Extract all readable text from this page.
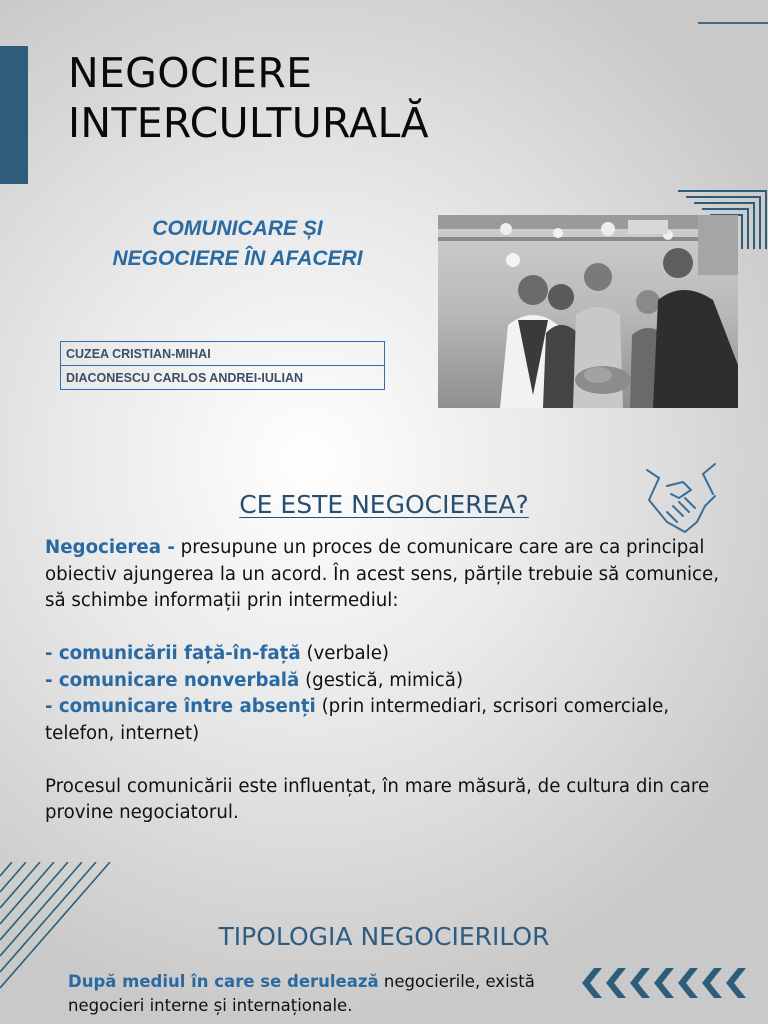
NEGOCIERE
INTERCULTURALĂ
COMUNICARE ȘI
NEGOCIERE ÎN AFACERI
CUZEA CRISTIAN-MIHAI
DIACONESCU CARLOS ANDREI-IULIAN
CE ESTE NEGOCIEREA?

Negocierea - presupune un proces de comunicare care are ca principal obiectiv ajungerea la un acord. În acest sens, părțile trebuie să comunice, să schimbe informații prin intermediul:

- comunicării față-în-față (verbale)

- comunicare nonverbală (gestică, mimică)

- comunicare între absenți (prin intermediari, scrisori comerciale, telefon, internet)

Procesul comunicării este influențat, în mare măsură, de cultura din care provine negociatorul.

TIPOLOGIA NEGOCIERILOR

După mediul în care se derulează negocierile, există negocieri interne și internaționale.
